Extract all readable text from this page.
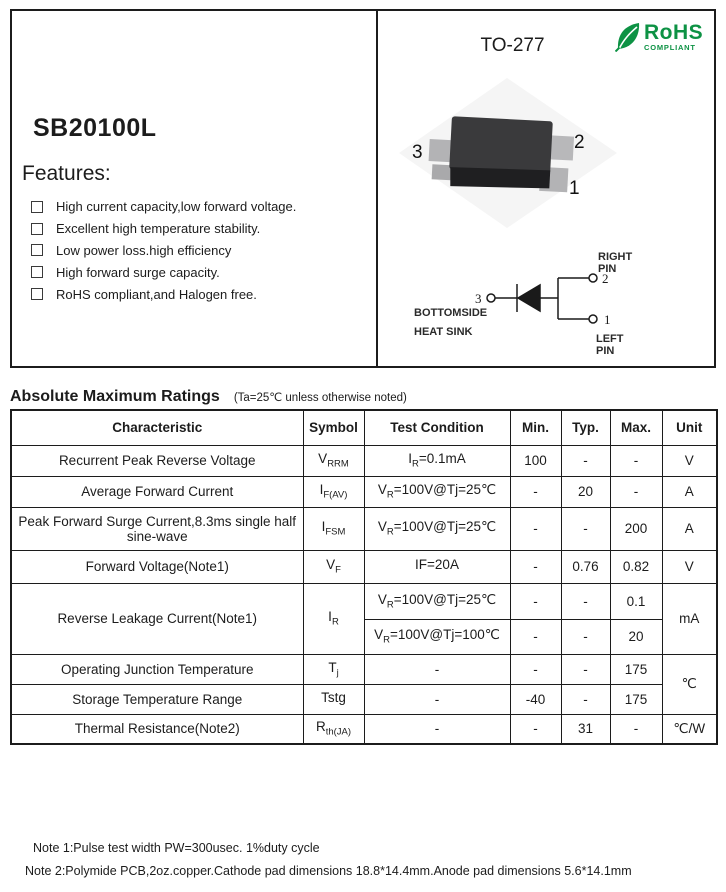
SB20100L
Features:
High current capacity,low forward voltage.
Excellent high temperature stability.
Low power loss.high efficiency
High forward surge capacity.
RoHS compliant,and Halogen free.
TO-277
RoHS
COMPLIANT
3	2
1
3
2
1
RIGHT
PIN
LEFT
PIN
BOTTOMSIDE
HEAT SINK
Absolute Maximum Ratings (Ta=25℃ unless otherwise noted)
Characteristic	Symbol	Test Condition	Min.	Typ.	Max.	Unit
Recurrent Peak Reverse Voltage	$V_{RRM}$	$I_R=0.1mA$	100	-	-	V
Average Forward Current	$I_{F(AV)}$	$V_R=100V@Tj=25℃$	-	20	-	A
Peak Forward Surge Current,8.3ms single half sine-wave	$I_{FSM}$	$V_R=100V@Tj=25℃$	-	-	200	A
Forward Voltage(Note1)	$V_F$	IF=20A	-	0.76	0.82	V
Reverse Leakage Current(Note1)	$I_R$	$V_R=100V@Tj=25℃$	-	-	0.1	mA
		$V_R=100V@Tj=100℃$	-	-	20	
Operating Junction Temperature	$T_j$	-	-	-	175	℃
Storage Temperature Range	Tstg	-	-40	-	175	
Thermal Resistance(Note2)	$R_{th(JA)}$	-	-	31	-	℃/W
Note 1:Pulse test width PW=300usec. 1%duty cycle
Note 2:Polymide PCB,2oz.copper.Cathode pad dimensions 18.8*14.4mm.Anode pad dimensions 5.6*14.1mm
